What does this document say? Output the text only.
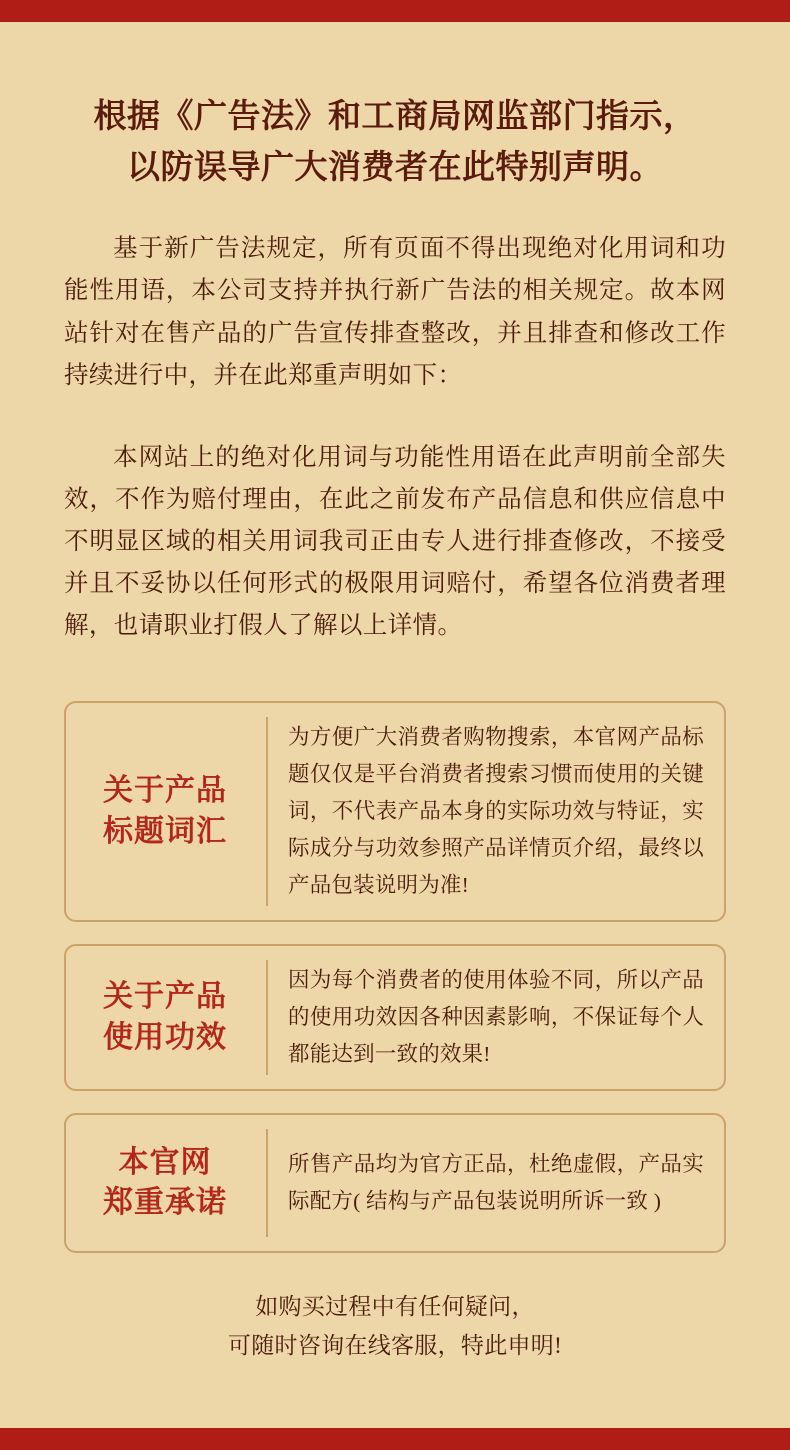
根据《广告法》和工商局网监部门指示，
以防误导广大消费者在此特别声明。

基于新广告法规定，所有页面不得出现绝对化用词和功能性用语，本公司支持并执行新广告法的相关规定。故本网站针对在售产品的广告宣传排查整改，并且排查和修改工作持续进行中，并在此郑重声明如下：

本网站上的绝对化用词与功能性用语在此声明前全部失效，不作为赔付理由，在此之前发布产品信息和供应信息中不明显区域的相关用词我司正由专人进行排查修改，不接受并且不妥协以任何形式的极限用词赔付，希望各位消费者理解，也请职业打假人了解以上详情。

关于产品
标题词汇
为方便广大消费者购物搜索，本官网产品标题仅仅是平台消费者搜索习惯而使用的关键词，不代表产品本身的实际功效与特证，实际成分与功效参照产品详情页介绍，最终以产品包装说明为准!
关于产品
使用功效
因为每个消费者的使用体验不同，所以产品的使用功效因各种因素影响，不保证每个人都能达到一致的效果!
本官网
郑重承诺
所售产品均为官方正品，杜绝虚假，产品实际配方( 结构与产品包装说明所诉一致 )
如购买过程中有任何疑问，
可随时咨询在线客服，特此申明!
